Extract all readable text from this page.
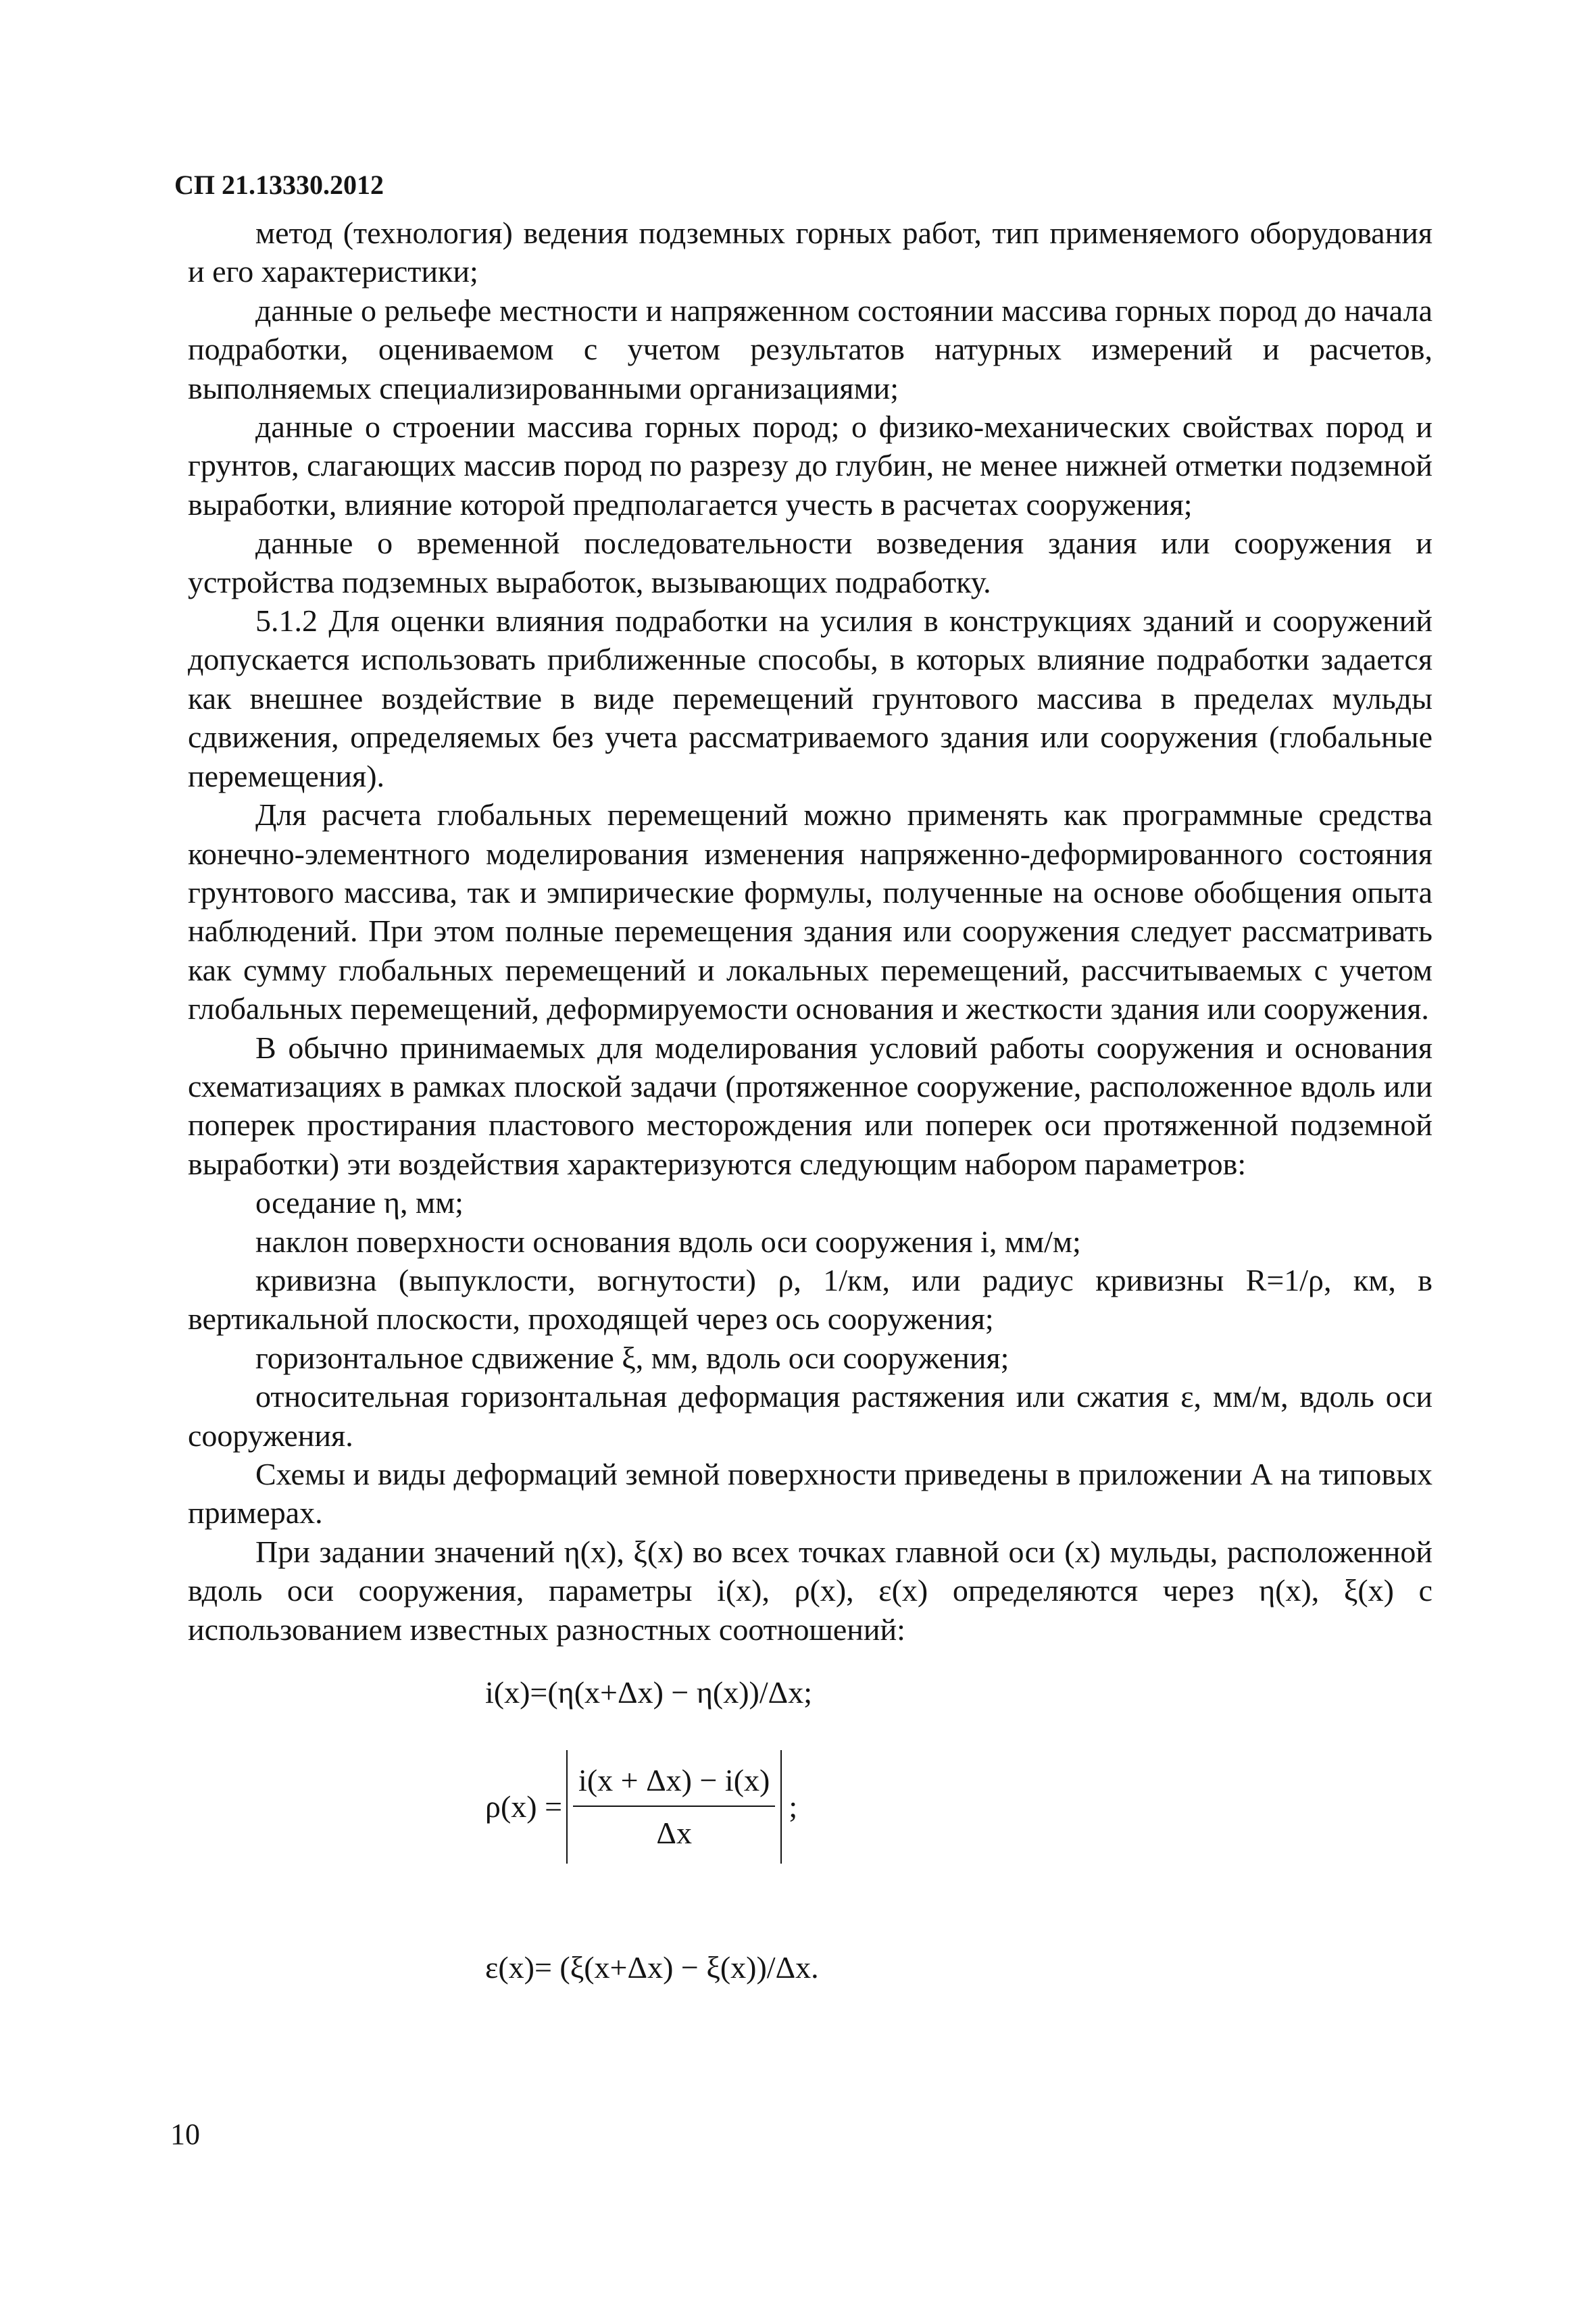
СП 21.13330.2012

метод (технология) ведения подземных горных работ, тип применяемого оборудования и его характеристики;

данные о рельефе местности и напряженном состоянии массива горных пород до начала подработки, оцениваемом с учетом результатов натурных измерений и расчетов, выполняемых специализированными организациями;

данные о строении массива горных пород; о физико-механических свойствах пород и грунтов, слагающих массив пород по разрезу до глубин, не менее нижней отметки подземной выработки, влияние которой предполагается учесть в расчетах сооружения;

данные о временной последовательности возведения здания или сооружения и устройства подземных выработок, вызывающих подработку.

5.1.2 Для оценки влияния подработки на усилия в конструкциях зданий и сооружений допускается использовать приближенные способы, в которых влияние подработки задается как внешнее воздействие в виде перемещений грунтового массива в пределах мульды сдвижения, определяемых без учета рассматриваемого здания или сооружения (глобальные перемещения).

Для расчета глобальных перемещений можно применять как программные средства конечно-элементного моделирования изменения напряженно-деформированного состояния грунтового массива, так и эмпирические формулы, полученные на основе обобщения опыта наблюдений. При этом полные перемещения здания или сооружения следует рассматривать как сумму глобальных перемещений и локальных перемещений, рассчитываемых с учетом глобальных перемещений, деформируемости основания и жесткости здания или сооружения.

В обычно принимаемых для моделирования условий работы сооружения и основания схематизациях в рамках плоской задачи (протяженное сооружение, расположенное вдоль или поперек простирания пластового месторождения или поперек оси протяженной подземной выработки) эти воздействия характеризуются следующим набором параметров:

оседание η, мм;

наклон поверхности основания вдоль оси сооружения i, мм/м;

кривизна (выпуклости, вогнутости) ρ, 1/км, или радиус кривизны R=1/ρ, км, в вертикальной плоскости, проходящей через ось сооружения;

горизонтальное сдвижение ξ, мм, вдоль оси сооружения;

относительная горизонтальная деформация растяжения или сжатия ε, мм/м, вдоль оси сооружения.

Схемы и виды деформаций земной поверхности приведены в приложении А на типовых примерах.

При задании значений η(x), ξ(x) во всех точках главной оси (x) мульды, расположенной вдоль оси сооружения, параметры i(x), ρ(x), ε(x) определяются через η(x), ξ(x) с использованием известных разностных соотношений:

i(x)=(η(x+Δx) − η(x))/Δx;
$\rho(x) = \frac{i(x + \Delta x) - i(x)}{\Delta x}$ ;
ε(x)= (ξ(x+Δx) − ξ(x))/Δx.
10
